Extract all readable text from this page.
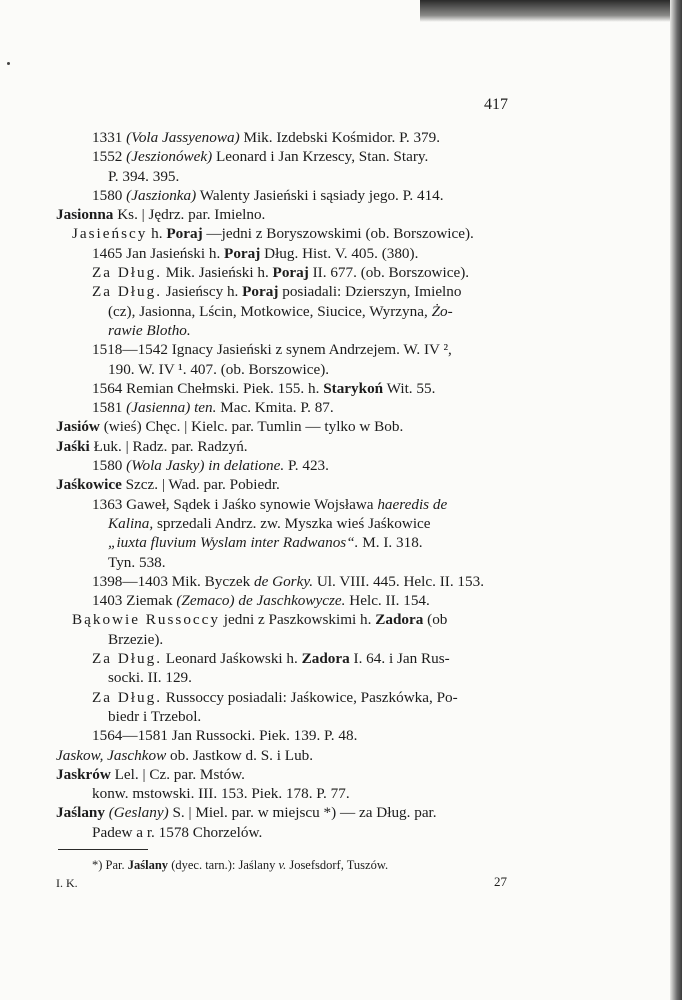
417
1331 (Vola Jassyenowa) Mik. Izdebski Kośmidor. P. 379.
1552 (Jeszionówek) Leonard i Jan Krzescy, Stan. Stary.
P. 394. 395.
1580 (Jaszionka) Walenty Jasieński i sąsiady jego. P. 414.
Jasionna Ks. | Jędrz. par. Imielno.
Jasieńscy h. Poraj —jedni z Boryszowskimi (ob. Borszowice).
1465 Jan Jasieński h. Poraj Dług. Hist. V. 405. (380).
Za Dług. Mik. Jasieński h. Poraj II. 677. (ob. Borszowice).
Za Dług. Jasieńscy h. Poraj posiadali: Dzierszyn, Imielno
(cz), Jasionna, Lścin, Motkowice, Siucice, Wyrzyna, Żo-
rawie Blotho.
1518—1542 Ignacy Jasieński z synem Andrzejem. W. IV ²,
190. W. IV ¹. 407. (ob. Borszowice).
1564 Remian Chełmski. Piek. 155. h. Starykoń Wit. 55.
1581 (Jasienna) ten. Mac. Kmita. P. 87.
Jasiów (wieś) Chęc. | Kielc. par. Tumlin — tylko w Bob.
Jaśki Łuk. | Radz. par. Radzyń.
1580 (Wola Jasky) in delatione. P. 423.
Jaśkowice Szcz. | Wad. par. Pobiedr.
1363 Gaweł, Sądek i Jaśko synowie Wojsława haeredis de
Kalina, sprzedali Andrz. zw. Myszka wieś Jaśkowice
„iuxta fluvium Wyslam inter Radwanos“. M. I. 318.
Tyn. 538.
1398—1403 Mik. Byczek de Gorky. Ul. VIII. 445. Helc. II. 153.
1403 Ziemak (Zemaco) de Jaschkowycze. Helc. II. 154.
Bąkowie Russoccy jedni z Paszkowskimi h. Zadora (ob
Brzezie).
Za Dług. Leonard Jaśkowski h. Zadora I. 64. i Jan Rus-
socki. II. 129.
Za Dług. Russoccy posiadali: Jaśkowice, Paszkówka, Po-
biedr i Trzebol.
1564—1581 Jan Russocki. Piek. 139. P. 48.
Jaskow, Jaschkow ob. Jastkow d. S. i Lub.
Jaskrów Lel. | Cz. par. Mstów.
konw. mstowski. III. 153. Piek. 178. P. 77.
Jaślany (Geslany) S. | Miel. par. w miejscu *) — za Dług. par.
Padew a r. 1578 Chorzelów.
*) Par. Jaślany (dyec. tarn.): Jaślany v. Josefsdorf, Tuszów.
I. K.	27
